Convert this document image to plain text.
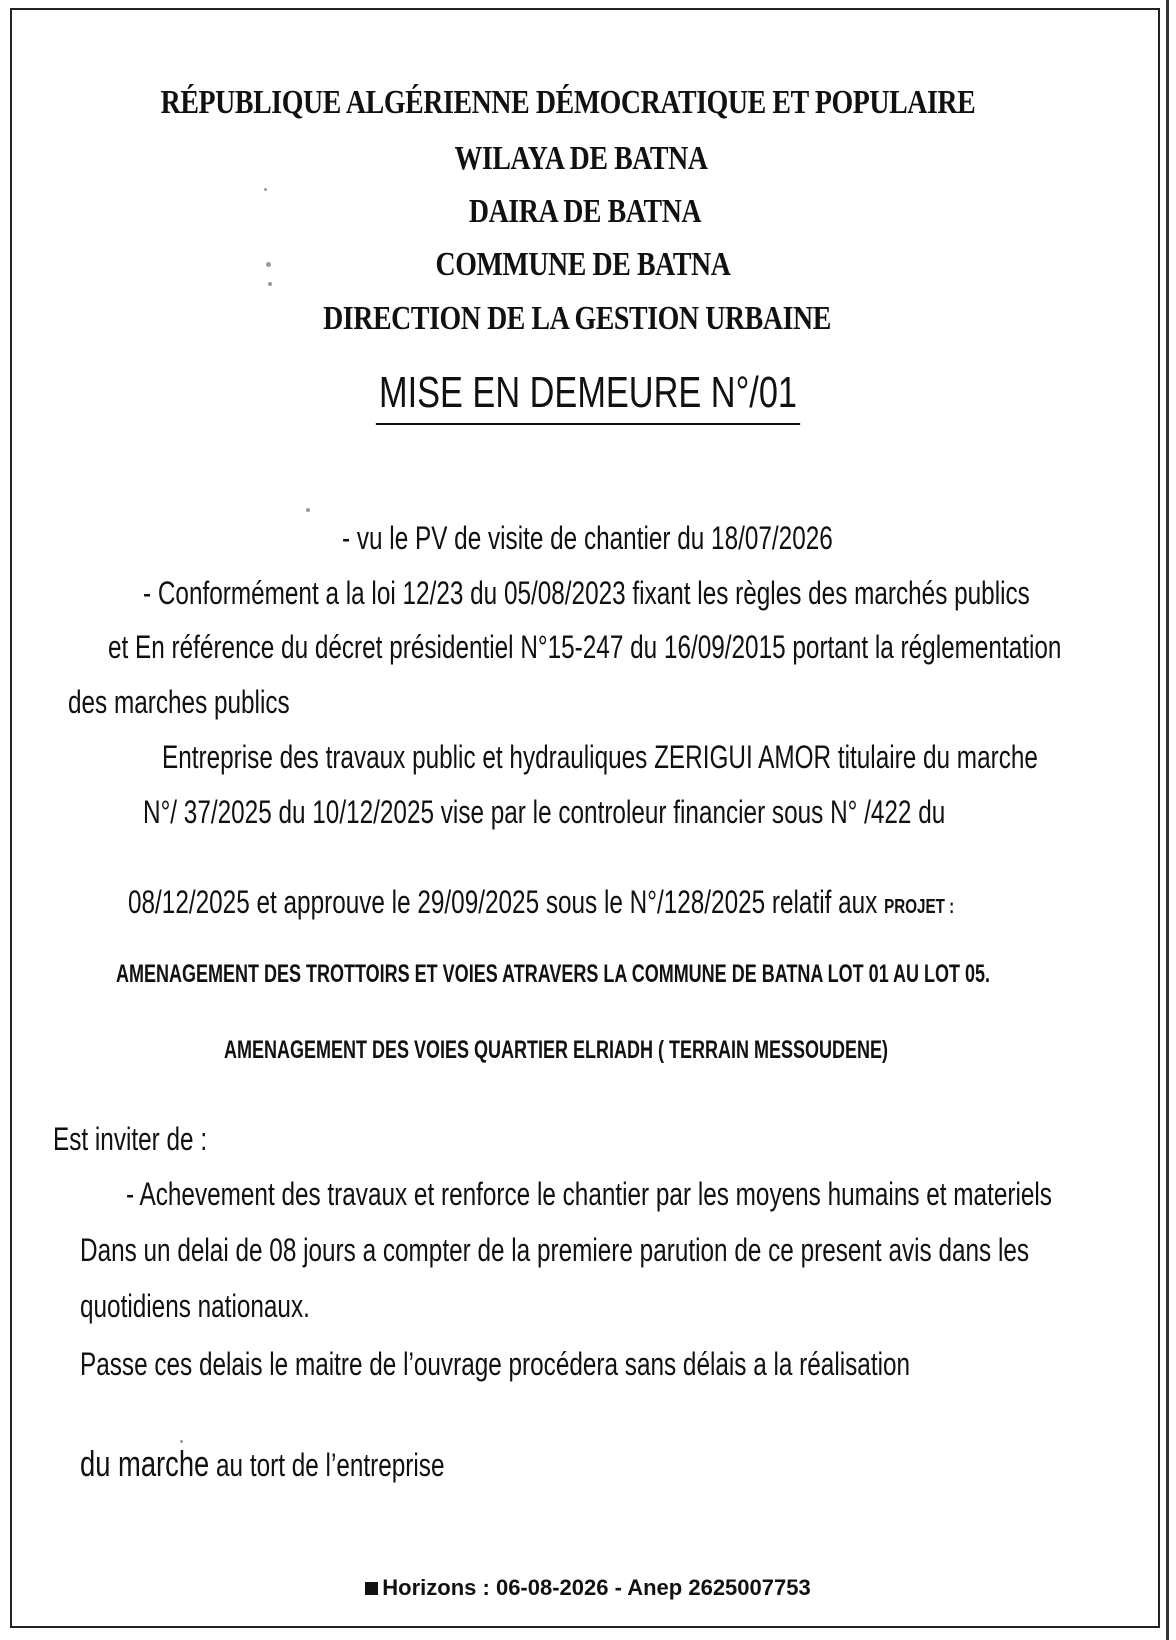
RÉPUBLIQUE ALGÉRIENNE DÉMOCRATIQUE ET POPULAIRE
WILAYA DE BATNA
DAIRA DE BATNA
COMMUNE DE BATNA
DIRECTION DE LA GESTION URBAINE
MISE EN DEMEURE N°/01
- vu le PV de visite de chantier du 18/07/2026
- Conformément a la loi 12/23 du 05/08/2023 fixant les règles des marchés publics
et En référence du décret présidentiel N°15-247 du 16/09/2015 portant la réglementation
des marches publics
Entreprise des travaux public et hydrauliques ZERIGUI AMOR titulaire du marche
N°/ 37/2025 du 10/12/2025 vise par le controleur financier sous N° /422 du
08/12/2025 et approuve le 29/09/2025 sous le N°/128/2025 relatif aux PROJET :
AMENAGEMENT DES TROTTOIRS ET VOIES ATRAVERS LA COMMUNE DE BATNA LOT 01 AU LOT 05.
AMENAGEMENT DES VOIES QUARTIER ELRIADH ( TERRAIN MESSOUDENE)
Est inviter de :
- Achevement des travaux et renforce le chantier par les moyens humains et materiels
Dans un delai de 08 jours a compter de la premiere parution de ce present avis dans les
quotidiens nationaux.
Passe ces delais le maitre de l’ouvrage procédera sans délais a la réalisation
du marche au tort de l’entreprise
Horizons : 06-08-2026 - Anep 2625007753
